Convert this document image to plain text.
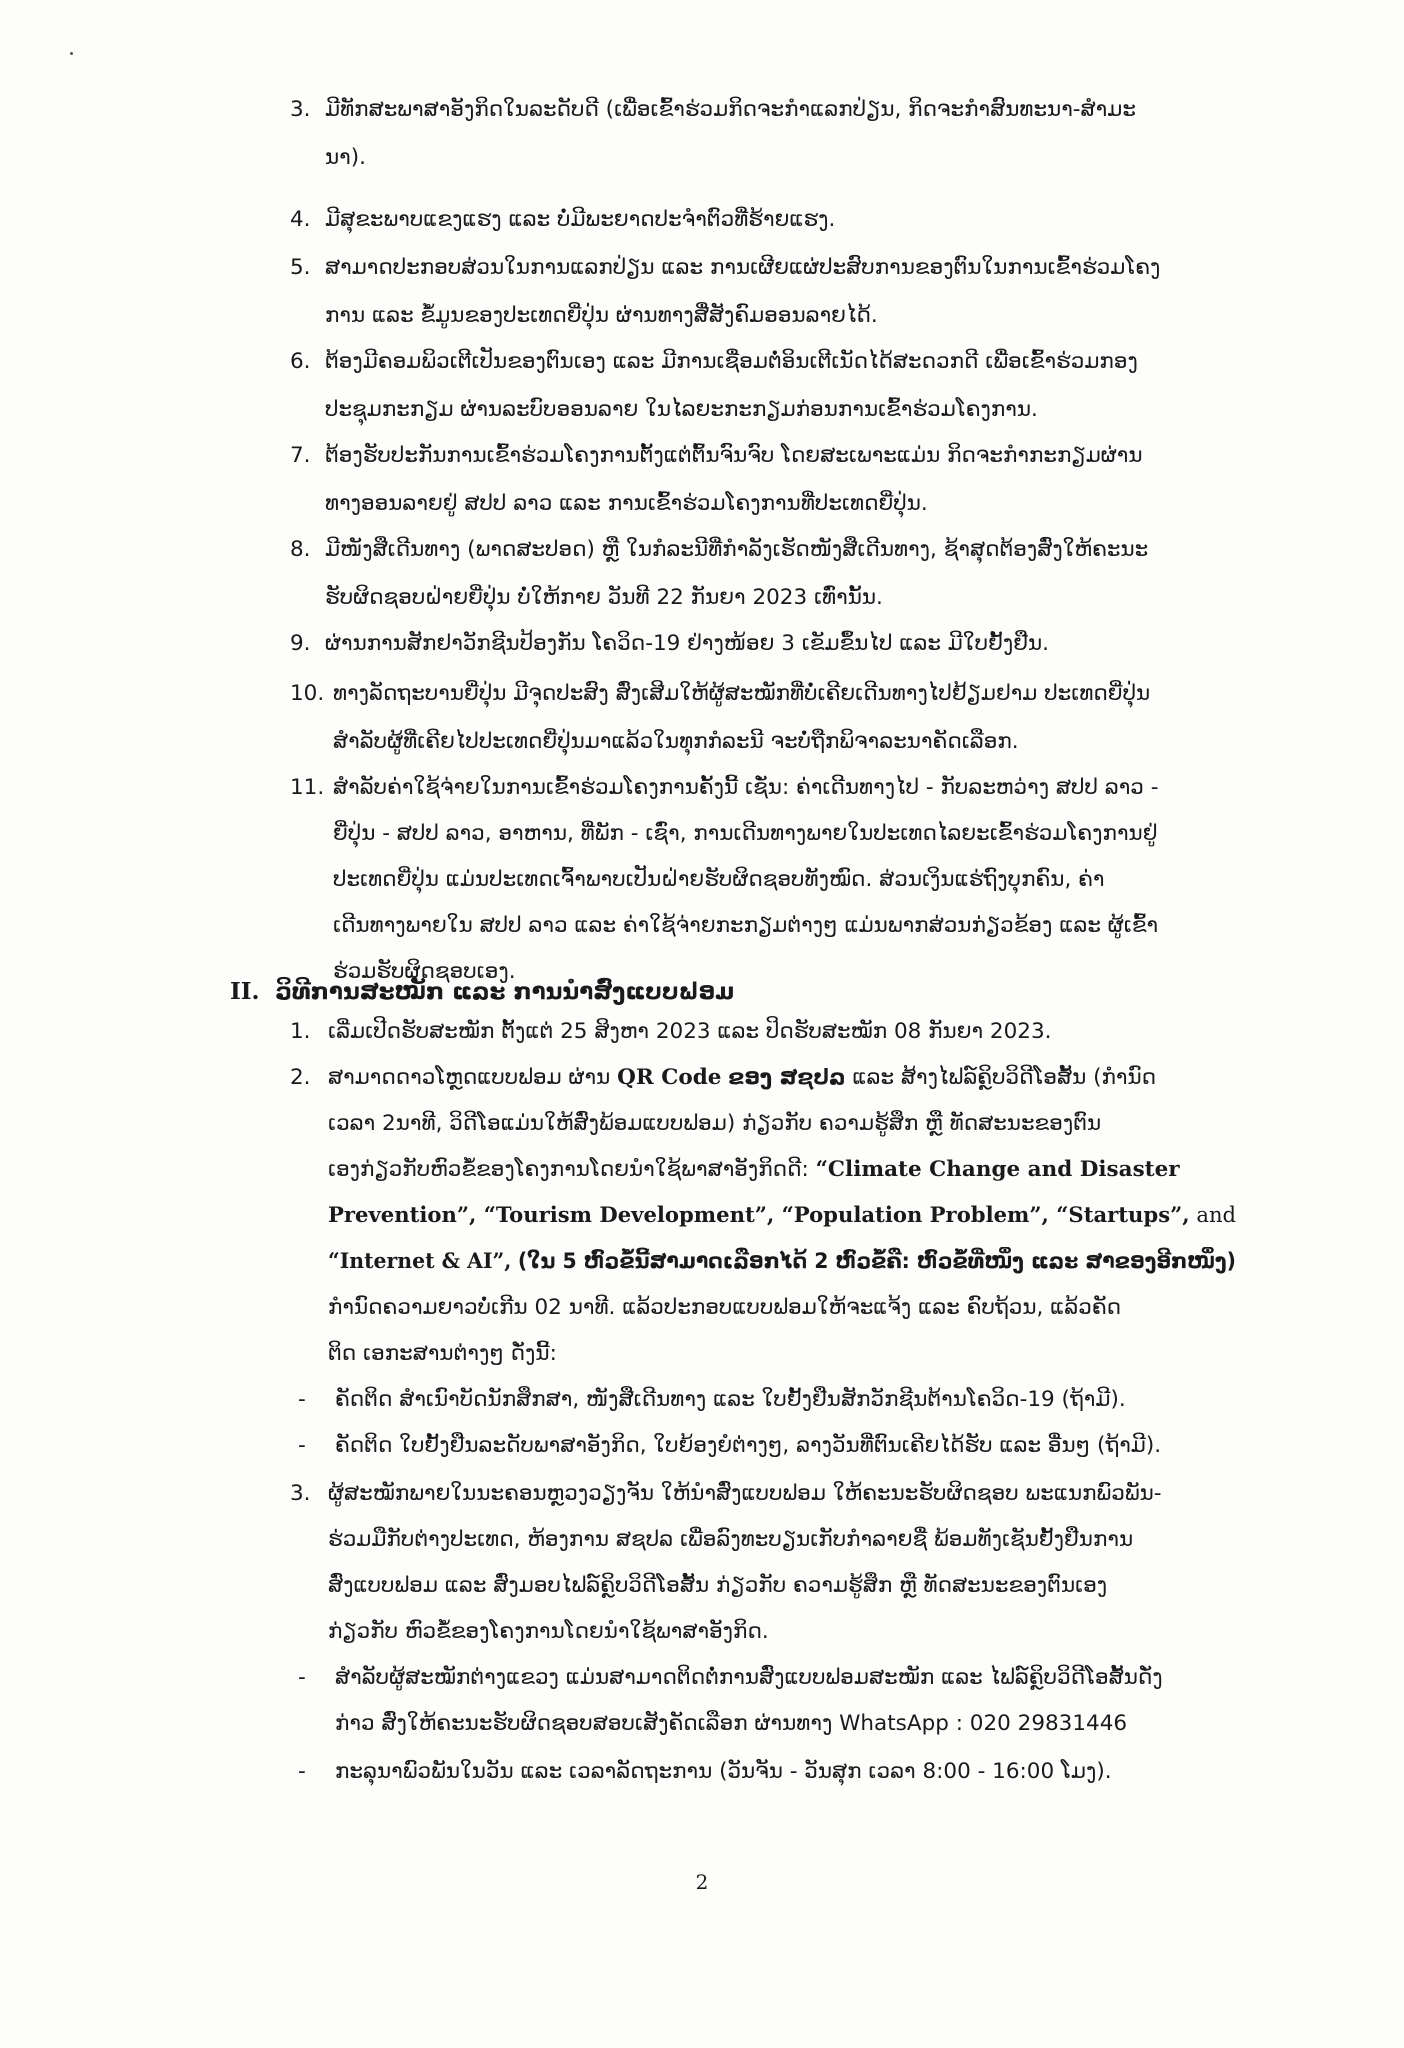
3. ມີທັກສະພາສາອັງກິດໃນລະດັບດີ (ເພື່ອເຂົ້າຮ່ວມກິດຈະກຳແລກປ່ຽນ, ກິດຈະກຳສົນທະນາ-ສຳມະ
ນາ).
4. ມີສຸຂະພາບແຂງແຮງ ແລະ ບໍ່ມີພະຍາດປະຈຳຕົວທີ່ຮ້າຍແຮງ.
5. ສາມາດປະກອບສ່ວນໃນການແລກປ່ຽນ ແລະ ການເຜີຍແຜ່ປະສົບການຂອງຕົນໃນການເຂົ້າຮ່ວມໂຄງ
ການ ແລະ ຂໍ້ມູນຂອງປະເທດຍີ່ປຸ່ນ ຜ່ານທາງສື່ສັງຄົມອອນລາຍໄດ້.
6. ຕ້ອງມີຄອມພິວເຕີເປັນຂອງຕົນເອງ ແລະ ມີການເຊື່ອມຕໍ່ອິນເຕີເນັດໄດ້ສະດວກດີ ເພື່ອເຂົ້າຮ່ວມກອງ
ປະຊຸມກະກຽມ ຜ່ານລະບົບອອນລາຍ ໃນໄລຍະກະກຽມກ່ອນການເຂົ້າຮ່ວມໂຄງການ.
7. ຕ້ອງຮັບປະກັນການເຂົ້າຮ່ວມໂຄງການຕັ້ງແຕ່ຕົ້ນຈົນຈົບ ໂດຍສະເພາະແມ່ນ ກິດຈະກຳກະກຽມຜ່ານ
ທາງອອນລາຍຢູ່ ສປປ ລາວ ແລະ ການເຂົ້າຮ່ວມໂຄງການທີ່ປະເທດຍີ່ປຸ່ນ.
8. ມີໜັງສືເດີນທາງ (ພາດສະປອດ) ຫຼື ໃນກໍລະນີທີ່ກຳລັງເຮັດໜັງສືເດີນທາງ, ຊ້າສຸດຕ້ອງສົ່ງໃຫ້ຄະນະ
ຮັບຜິດຊອບຝ່າຍຍີ່ປຸ່ນ ບໍ່ໃຫ້ກາຍ ວັນທີ 22 ກັນຍາ 2023 ເທົ່ານັ້ນ.
9. ຜ່ານການສັກຢາວັກຊີນປ້ອງກັນ ໂຄວິດ-19 ຢ່າງໜ້ອຍ 3 ເຂັມຂຶ້ນໄປ ແລະ ມີໃບຢັ້ງຢືນ.
10. ທາງລັດຖະບານຍີ່ປຸ່ນ ມີຈຸດປະສົງ ສົ່ງເສີມໃຫ້ຜູ້ສະໝັກທີ່ບໍ່ເຄີຍເດີນທາງໄປຢ້ຽມຢາມ ປະເທດຍີ່ປຸ່ນ
ສຳລັບຜູ້ທີ່ເຄີຍໄປປະເທດຍີ່ປຸ່ນມາແລ້ວໃນທຸກກໍລະນີ ຈະບໍ່ຖືກພິຈາລະນາຄັດເລືອກ.
11. ສຳລັບຄ່າໃຊ້ຈ່າຍໃນການເຂົ້າຮ່ວມໂຄງການຄັ້ງນີ້ ເຊັ່ນ: ຄ່າເດີນທາງໄປ - ກັບລະຫວ່າງ ສປປ ລາວ -
ຍີ່ປຸ່ນ - ສປປ ລາວ, ອາຫານ, ທີ່ພັກ - ເຊົ່າ, ການເດີນທາງພາຍໃນປະເທດໄລຍະເຂົ້າຮ່ວມໂຄງການຢູ່
ປະເທດຍີ່ປຸ່ນ ແມ່ນປະເທດເຈົ້າພາບເປັນຝ່າຍຮັບຜິດຊອບທັງໝົດ. ສ່ວນເງິນແຮ່ຖົງບຸກຄົນ, ຄ່າ
ເດີນທາງພາຍໃນ ສປປ ລາວ ແລະ ຄ່າໃຊ້ຈ່າຍກະກຽມຕ່າງໆ ແມ່ນພາກສ່ວນກ່ຽວຂ້ອງ ແລະ ຜູ້ເຂົ້າ
ຮ່ວມຮັບຜິດຊອບເອງ.
II. ວິທີການສະໝັກ ແລະ ການນຳສົ່ງແບບຟອມ
1. ເລີ່ມເປີດຮັບສະໝັກ ຕັ້ງແຕ່ 25 ສິງຫາ 2023 ແລະ ປິດຮັບສະໝັກ 08 ກັນຍາ 2023.
2. ສາມາດດາວໂຫຼດແບບຟອມ ຜ່ານ QR Code ຂອງ ສຊປລ ແລະ ສ້າງໄຟລ໌ຄຼິບວິດີໂອສັ້ນ (ກຳນົດ
ເວລາ 2ນາທີ, ວິດີໂອແມ່ນໃຫ້ສົ່ງພ້ອມແບບຟອມ) ກ່ຽວກັບ ຄວາມຮູ້ສຶກ ຫຼື ທັດສະນະຂອງຕົນ
ເອງກ່ຽວກັບຫົວຂໍ້ຂອງໂຄງການໂດຍນຳໃຊ້ພາສາອັງກິດດີ: “Climate Change and Disaster
Prevention”, “Tourism Development”, “Population Problem”, “Startups”, and
“Internet & AI”, (ໃນ 5 ຫົວຂໍ້ນີ້ສາມາດເລືອກໄດ້ 2 ຫົວຂໍ້ຄື: ຫົວຂໍ້ທີ່ໜຶ່ງ ແລະ ສາຂອງອີກໜຶ່ງ)
ກຳນົດຄວາມຍາວບໍ່ເກີນ 02 ນາທີ. ແລ້ວປະກອບແບບຟອມໃຫ້ຈະແຈ້ງ ແລະ ຄົບຖ້ວນ, ແລ້ວຄັດ
ຕິດ ເອກະສານຕ່າງໆ ດັ່ງນີ້:
- ຄັດຕິດ ສຳເນົາບັດນັກສຶກສາ, ໜັງສືເດີນທາງ ແລະ ໃບຢັ້ງຢືນສັກວັກຊີນຕ້ານໂຄວິດ-19 (ຖ້າມີ).
- ຄັດຕິດ ໃບຢັ້ງຢືນລະດັບພາສາອັງກິດ, ໃບຍ້ອງຍໍຕ່າງໆ, ລາງວັນທີ່ຕົນເຄີຍໄດ້ຮັບ ແລະ ອື່ນໆ (ຖ້າມີ).
3. ຜູ້ສະໝັກພາຍໃນນະຄອນຫຼວງວຽງຈັນ ໃຫ້ນຳສົ່ງແບບຟອມ ໃຫ້ຄະນະຮັບຜິດຊອບ ພະແນກພົວພັນ-
ຮ່ວມມືກັບຕ່າງປະເທດ, ຫ້ອງການ ສຊປລ ເພື່ອລົງທະບຽນເກັບກຳລາຍຊື່ ພ້ອມທັງເຊັນຢັ້ງຢືນການ
ສົ່ງແບບຟອມ ແລະ ສົ່ງມອບໄຟລ໌ຄຼິບວິດີໂອສັ້ນ ກ່ຽວກັບ ຄວາມຮູ້ສຶກ ຫຼື ທັດສະນະຂອງຕົນເອງ
ກ່ຽວກັບ ຫົວຂໍ້ຂອງໂຄງການໂດຍນຳໃຊ້ພາສາອັງກິດ.
- ສຳລັບຜູ້ສະໝັກຕ່າງແຂວງ ແມ່ນສາມາດຕິດຕໍ່ການສົ່ງແບບຟອມສະໝັກ ແລະ ໄຟລ໌ຄຼິບວິດີໂອສັ້ນດັ່ງ
ກ່າວ ສົ່ງໃຫ້ຄະນະຮັບຜິດຊອບສອບເສັງຄັດເລືອກ ຜ່ານທາງ WhatsApp : 020 29831446
- ກະລຸນາພົວພັນໃນວັນ ແລະ ເວລາລັດຖະການ (ວັນຈັນ - ວັນສຸກ ເວລາ 8:00 - 16:00 ໂມງ).
2
